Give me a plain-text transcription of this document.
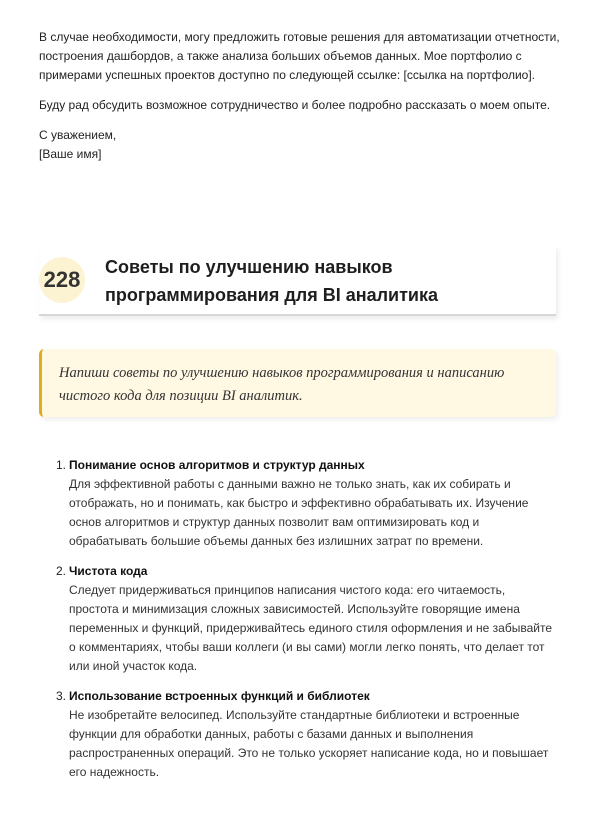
В случае необходимости, могу предложить готовые решения для автоматизации отчетности, построения дашбордов, а также анализа больших объемов данных. Мое портфолио с примерами успешных проектов доступно по следующей ссылке: [ссылка на портфолио].

Буду рад обсудить возможное сотрудничество и более подробно рассказать о моем опыте.

С уважением,

[Ваше имя]

228 Советы по улучшению навыков программирования для BI аналитика
Напиши советы по улучшению навыков программирования и написанию чистого кода для позиции BI аналитик.
1. Понимание основ алгоритмов и структур данных
Для эффективной работы с данными важно не только знать, как их собирать и отображать, но и понимать, как быстро и эффективно обрабатывать их. Изучение основ алгоритмов и структур данных позволит вам оптимизировать код и обрабатывать большие объемы данных без излишних затрат по времени.
2. Чистота кода
Следует придерживаться принципов написания чистого кода: его читаемость, простота и минимизация сложных зависимостей. Используйте говорящие имена переменных и функций, придерживайтесь единого стиля оформления и не забывайте о комментариях, чтобы ваши коллеги (и вы сами) могли легко понять, что делает тот или иной участок кода.
3. Использование встроенных функций и библиотек
Не изобретайте велосипед. Используйте стандартные библиотеки и встроенные функции для обработки данных, работы с базами данных и выполнения распространенных операций. Это не только ускоряет написание кода, но и повышает его надежность.
